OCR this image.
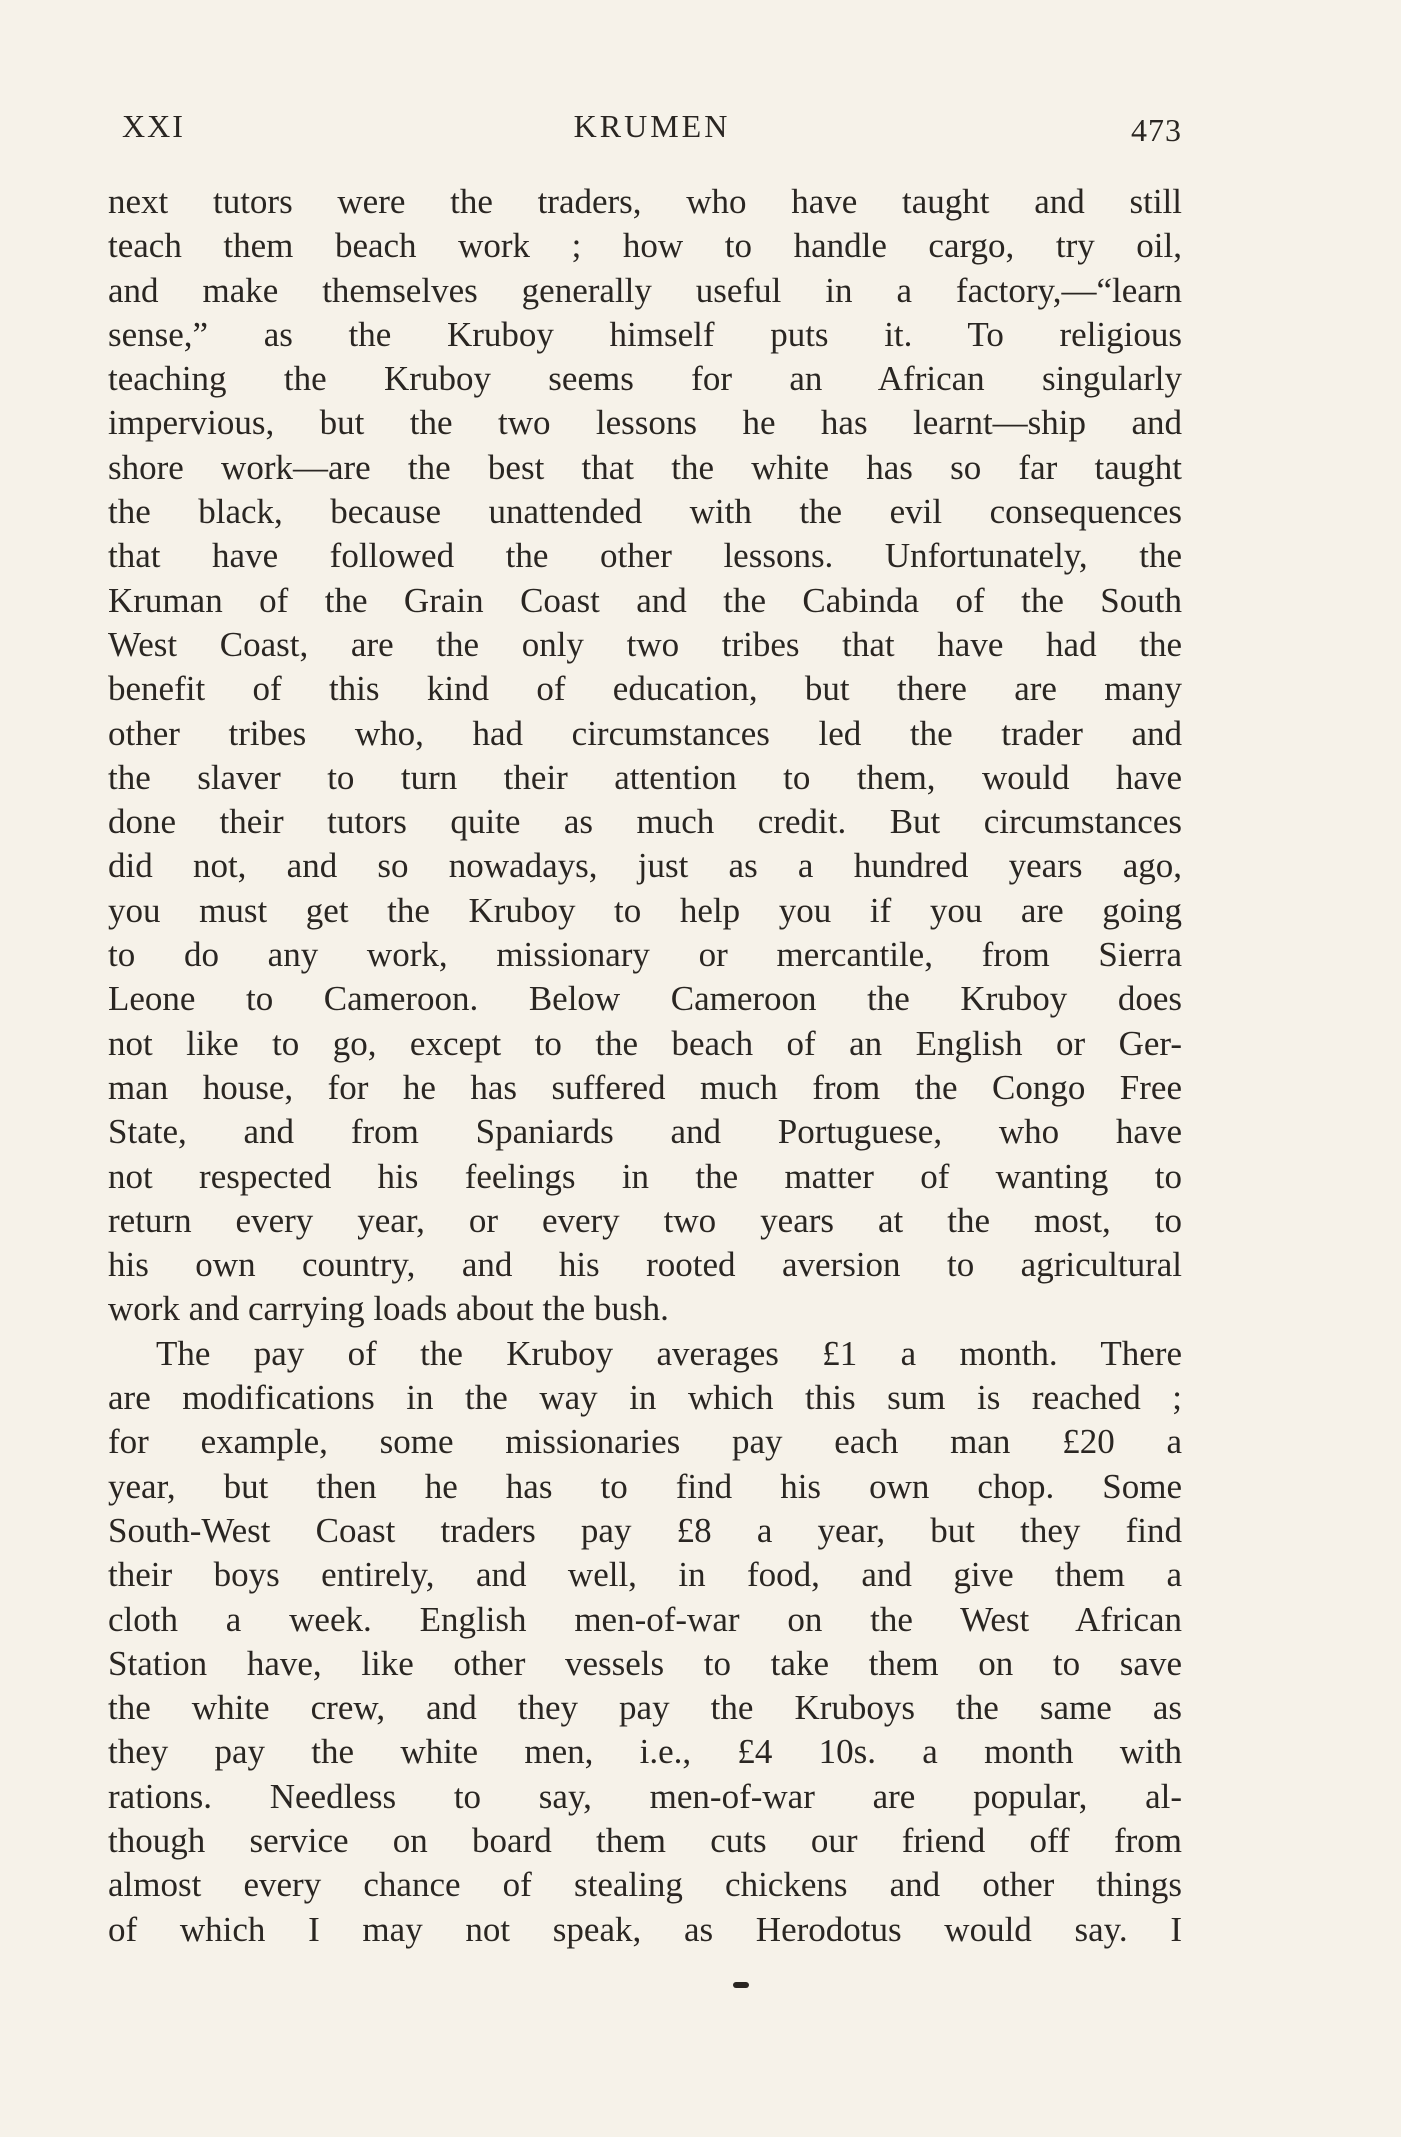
XXI	KRUMEN	473
next tutors were the traders, who have taught and still
teach them beach work ; how to handle cargo, try oil,
and make themselves generally useful in a factory,—“learn
sense,” as the Kruboy himself puts it. To religious
teaching the Kruboy seems for an African singularly
impervious, but the two lessons he has learnt—ship and
shore work—are the best that the white has so far taught
the black, because unattended with the evil consequences
that have followed the other lessons. Unfortunately, the
Kruman of the Grain Coast and the Cabinda of the South
West Coast, are the only two tribes that have had the
benefit of this kind of education, but there are many
other tribes who, had circumstances led the trader and
the slaver to turn their attention to them, would have
done their tutors quite as much credit. But circumstances
did not, and so nowadays, just as a hundred years ago,
you must get the Kruboy to help you if you are going
to do any work, missionary or mercantile, from Sierra
Leone to Cameroon. Below Cameroon the Kruboy does
not like to go, except to the beach of an English or Ger-
man house, for he has suffered much from the Congo Free
State, and from Spaniards and Portuguese, who have
not respected his feelings in the matter of wanting to
return every year, or every two years at the most, to
his own country, and his rooted aversion to agricultural
work and carrying loads about the bush.
The pay of the Kruboy averages £1 a month. There
are modifications in the way in which this sum is reached ;
for example, some missionaries pay each man £20 a
year, but then he has to find his own chop. Some
South-West Coast traders pay £8 a year, but they find
their boys entirely, and well, in food, and give them a
cloth a week. English men-of-war on the West African
Station have, like other vessels to take them on to save
the white crew, and they pay the Kruboys the same as
they pay the white men, i.e., £4 10s. a month with
rations. Needless to say, men-of-war are popular, al-
though service on board them cuts our friend off from
almost every chance of stealing chickens and other things
of which I may not speak, as Herodotus would say. I
